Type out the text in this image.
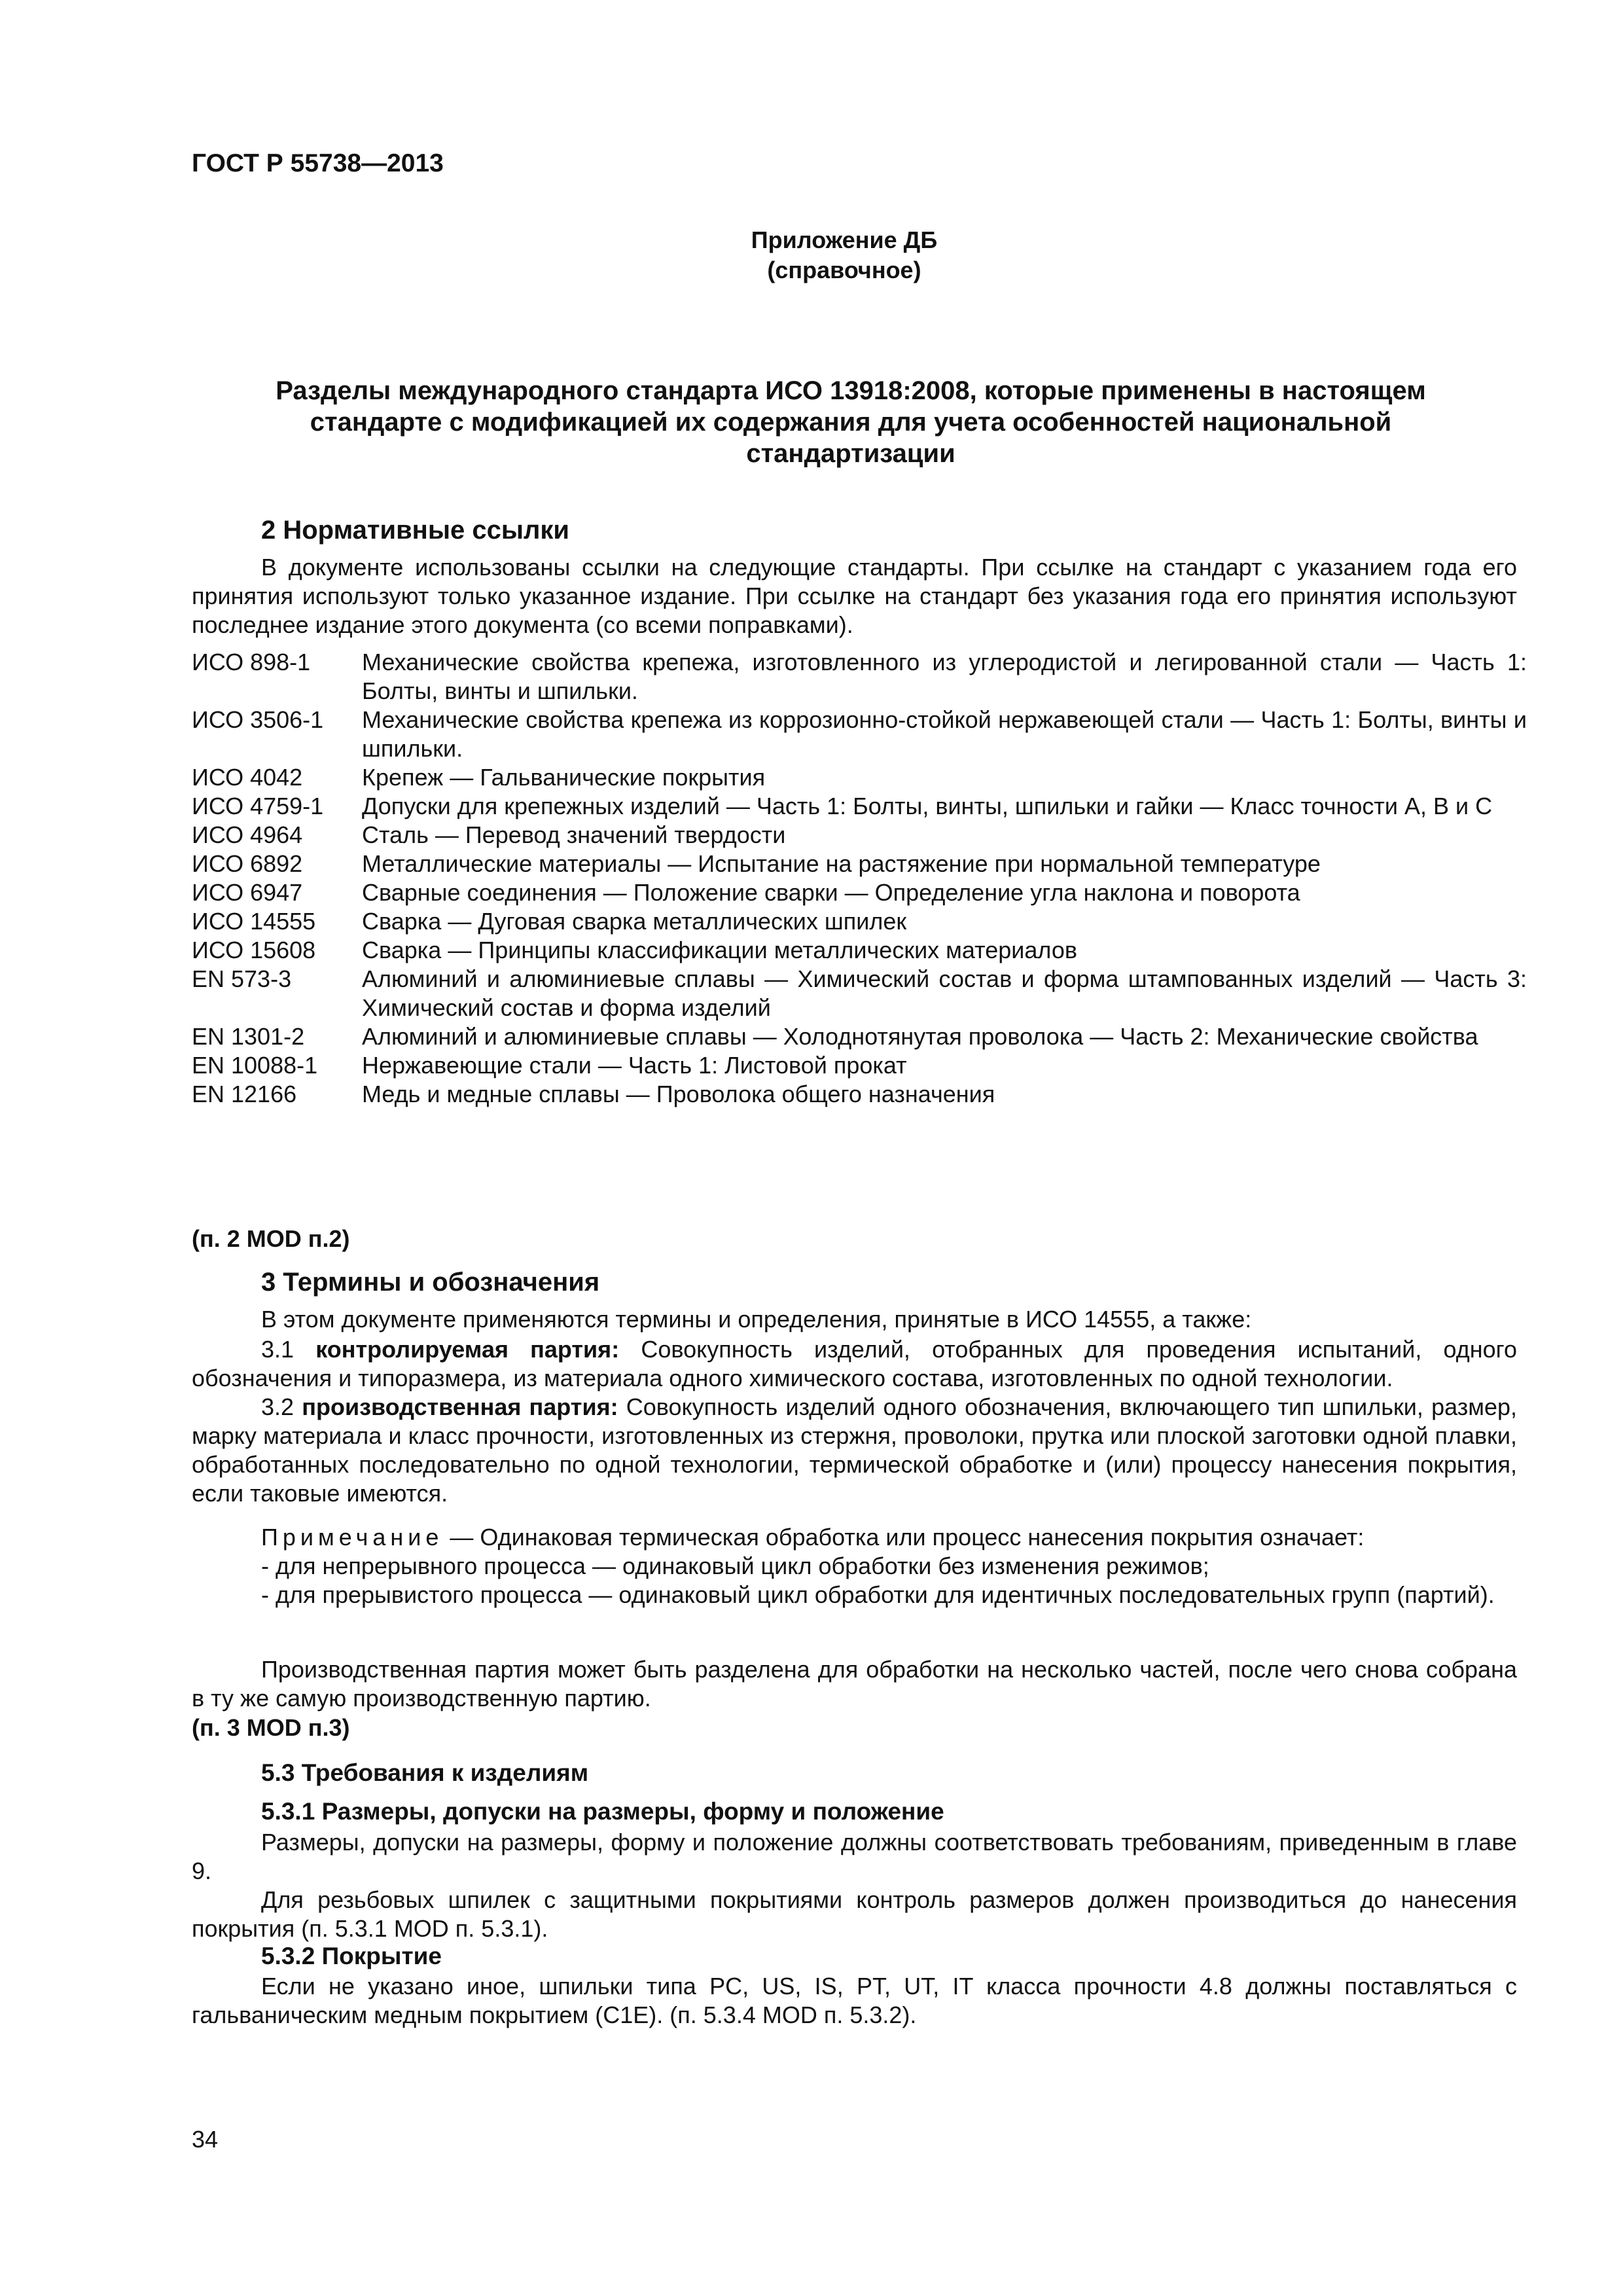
ГОСТ Р 55738—2013
Приложение ДБ
(справочное)
Разделы международного стандарта ИСО 13918:2008, которые применены в настоящем
стандарте с модификацией их содержания для учета особенностей национальной
стандартизации
2 Нормативные ссылки
В документе использованы ссылки на следующие стандарты. При ссылке на стандарт с указанием года его принятия используют только указанное издание. При ссылке на стандарт без указания года его принятия используют последнее издание этого документа (со всеми поправками).
ИСО 898-1	Механические свойства крепежа, изготовленного из углеродистой и легированной стали — Часть 1: Болты, винты и шпильки.
ИСО 3506-1	Механические свойства крепежа из коррозионно-стойкой нержавеющей стали — Часть 1: Болты, винты и шпильки.
ИСО 4042	Крепеж — Гальванические покрытия
ИСО 4759-1	Допуски для крепежных изделий — Часть 1: Болты, винты, шпильки и гайки — Класс точности А, В и С
ИСО 4964	Сталь — Перевод значений твердости
ИСО 6892	Металлические материалы — Испытание на растяжение при нормальной температуре
ИСО 6947	Сварные соединения — Положение сварки — Определение угла наклона и поворота
ИСО 14555	Сварка — Дуговая сварка металлических шпилек
ИСО 15608	Сварка — Принципы классификации металлических материалов
EN 573-3	Алюминий и алюминиевые сплавы — Химический состав и форма штампованных изделий — Часть 3: Химический состав и форма изделий
EN 1301-2	Алюминий и алюминиевые сплавы — Холоднотянутая проволока — Часть 2: Механические свойства
EN 10088-1	Нержавеющие стали — Часть 1: Листовой прокат
EN 12166	Медь и медные сплавы — Проволока общего назначения
(п. 2 MOD п.2)
3 Термины и обозначения
В этом документе применяются термины и определения, принятые в ИСО 14555, а также:
3.1 контролируемая партия: Совокупность изделий, отобранных для проведения испытаний, одного обозначения и типоразмера, из материала одного химического состава, изготовленных по одной технологии.
3.2 производственная партия: Совокупность изделий одного обозначения, включающего тип шпильки, размер, марку материала и класс прочности, изготовленных из стержня, проволоки, прутка или плоской заготовки одной плавки, обработанных последовательно по одной технологии, термической обработке и (или) процессу нанесения покрытия, если таковые имеются.
Примечание — Одинаковая термическая обработка или процесс нанесения покрытия означает:
- для непрерывного процесса — одинаковый цикл обработки без изменения режимов;
- для прерывистого процесса — одинаковый цикл обработки для идентичных последовательных групп (партий).
Производственная партия может быть разделена для обработки на несколько частей, после чего снова собрана в ту же самую производственную партию.
(п. 3 MOD п.3)
5.3 Требования к изделиям
5.3.1 Размеры, допуски на размеры, форму и положение
Размеры, допуски на размеры, форму и положение должны соответствовать требованиям, приведенным в главе 9.
Для резьбовых шпилек с защитными покрытиями контроль размеров должен производиться до нанесения покрытия (п. 5.3.1 MOD п. 5.3.1).
5.3.2 Покрытие
Если не указано иное, шпильки типа PC, US, IS, PT, UT, IT класса прочности 4.8 должны поставляться с гальваническим медным покрытием (C1E). (п. 5.3.4 MOD п. 5.3.2).
34
